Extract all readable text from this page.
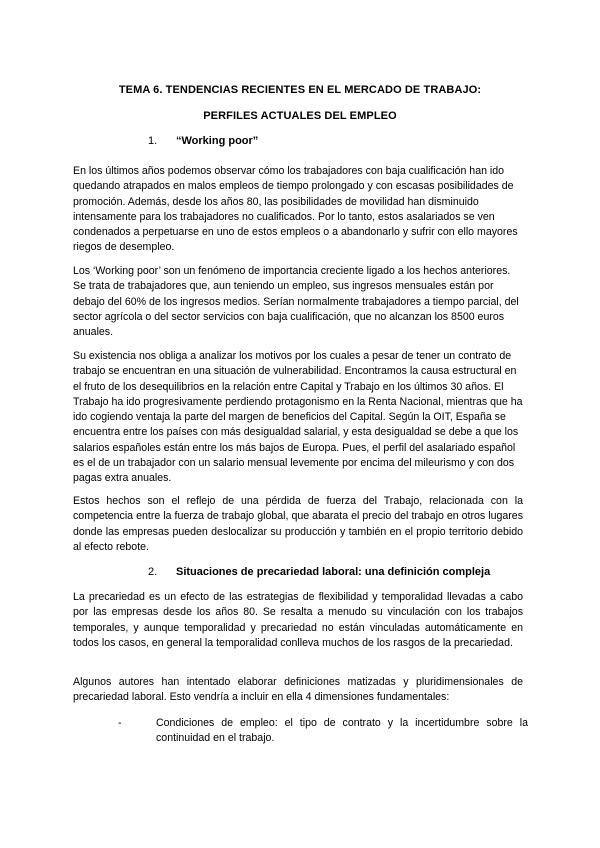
TEMA 6. TENDENCIAS RECIENTES EN EL MERCADO DE TRABAJO:
PERFILES ACTUALES DEL EMPLEO
1. “Working poor”

En los últimos años podemos observar cómo los trabajadores con baja cualificación han ido quedando atrapados en malos empleos de tiempo prolongado y con escasas posibilidades de promoción. Además, desde los años 80, las posibilidades de movilidad han disminuido intensamente para los trabajadores no cualificados. Por lo tanto, estos asalariados se ven condenados a perpetuarse en uno de estos empleos o a abandonarlo y sufrir con ello mayores riegos de desempleo.

Los ‘Working poor’ son un fenómeno de importancia creciente ligado a los hechos anteriores. Se trata de trabajadores que, aun teniendo un empleo, sus ingresos mensuales están por debajo del 60% de los ingresos medios. Serían normalmente trabajadores a tiempo parcial, del sector agrícola o del sector servicios con baja cualificación, que no alcanzan los 8500 euros anuales.

Su existencia nos obliga a analizar los motivos por los cuales a pesar de tener un contrato de trabajo se encuentran en una situación de vulnerabilidad. Encontramos la causa estructural en el fruto de los desequilibrios en la relación entre Capital y Trabajo en los últimos 30 años. El Trabajo ha ido progresivamente perdiendo protagonismo en la Renta Nacional, mientras que ha ido cogiendo ventaja la parte del margen de beneficios del Capital. Según la OIT, España se encuentra entre los países con más desigualdad salarial, y esta desigualdad se debe a que los salarios españoles están entre los más bajos de Europa. Pues, el perfil del asalariado español es el de un trabajador con un salario mensual levemente por encima del mileurismo y con dos pagas extra anuales.

Estos hechos son el reflejo de una pérdida de fuerza del Trabajo, relacionada con la competencia entre la fuerza de trabajo global, que abarata el precio del trabajo en otros lugares donde las empresas pueden deslocalizar su producción y también en el propio territorio debido al efecto rebote.

2. Situaciones de precariedad laboral: una definición compleja

La precariedad es un efecto de las estrategias de flexibilidad y temporalidad llevadas a cabo por las empresas desde los años 80. Se resalta a menudo su vinculación con los trabajos temporales, y aunque temporalidad y precariedad no están vinculadas automáticamente en todos los casos, en general la temporalidad conlleva muchos de los rasgos de la precariedad.

Algunos autores han intentado elaborar definiciones matizadas y pluridimensionales de precariedad laboral. Esto vendría a incluir en ella 4 dimensiones fundamentales:

-	Condiciones de empleo: el tipo de contrato y la incertidumbre sobre la continuidad en el trabajo.
